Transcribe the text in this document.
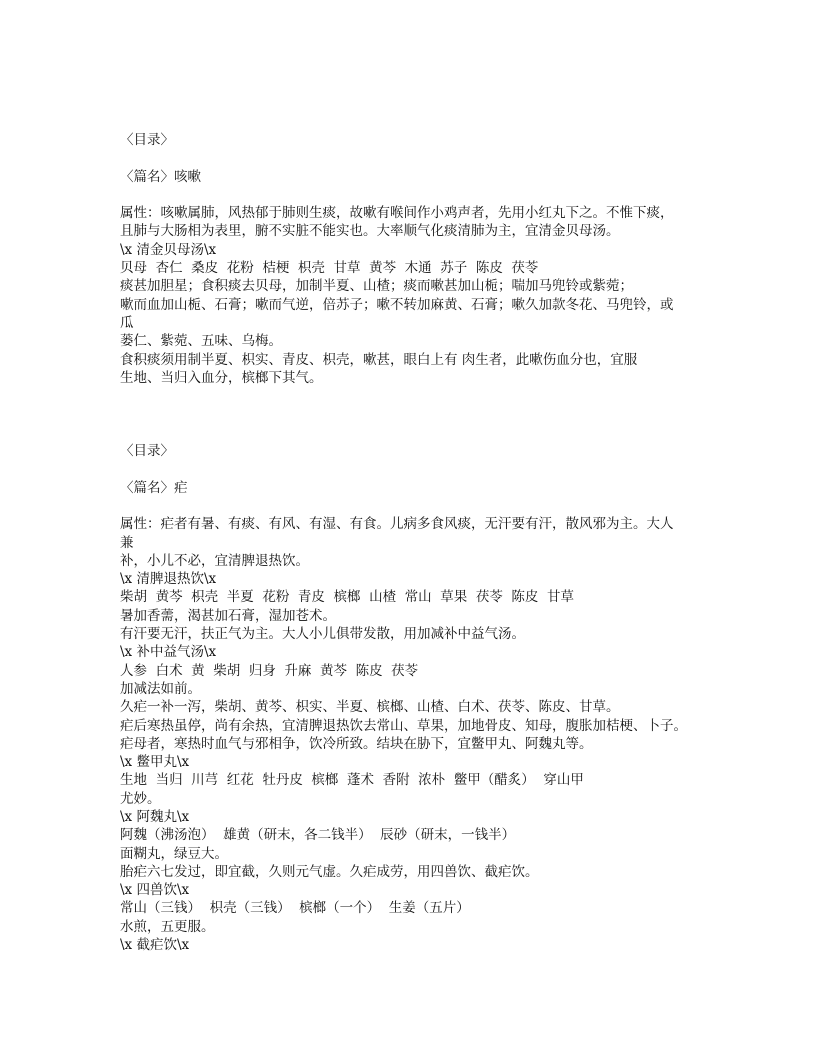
〈目录〉
〈篇名〉咳嗽
属性：咳嗽属肺，风热郁于肺则生痰，故嗽有喉间作小鸡声者，先用小红丸下之。不惟下痰，
且肺与大肠相为表里，腑不实脏不能实也。大率顺气化痰清肺为主，宜清金贝母汤。
\x 清金贝母汤\x
贝母  杏仁  桑皮  花粉  桔梗  枳壳  甘草  黄芩  木通  苏子  陈皮  茯苓
痰甚加胆星；食积痰去贝母，加制半夏、山楂；痰而嗽甚加山栀；喘加马兜铃或紫菀；
嗽而血加山栀、石膏；嗽而气逆，倍苏子；嗽不转加麻黄、石膏；嗽久加款冬花、马兜铃，或
瓜
蒌仁、紫菀、五味、乌梅。
食积痰须用制半夏、枳实、青皮、枳壳，嗽甚，眼白上有 肉生者，此嗽伤血分也，宜服
生地、当归入血分，槟榔下其气。
〈目录〉
〈篇名〉疟
属性：疟者有暑、有痰、有风、有湿、有食。儿病多食风痰，无汗要有汗，散风邪为主。大人
兼
补，小儿不必，宜清脾退热饮。
\x 清脾退热饮\x
柴胡  黄芩  枳壳  半夏  花粉  青皮  槟榔  山楂  常山  草果  茯苓  陈皮  甘草
暑加香薷，渴甚加石膏，湿加苍术。
有汗要无汗，扶正气为主。大人小儿俱带发散，用加减补中益气汤。
\x 补中益气汤\x
人参  白术  黄  柴胡  归身  升麻  黄芩  陈皮  茯苓
加减法如前。
久疟一补一泻，柴胡、黄芩、枳实、半夏、槟榔、山楂、白术、茯苓、陈皮、甘草。
疟后寒热虽停，尚有余热，宜清脾退热饮去常山、草果，加地骨皮、知母，腹胀加桔梗、卜子。
疟母者，寒热时血气与邪相争，饮冷所致。结块在胁下，宜鳖甲丸、阿魏丸等。
\x 鳖甲丸\x
生地  当归  川芎  红花  牡丹皮  槟榔  蓬术  香附  浓朴  鳖甲（醋炙）  穿山甲
尤妙。
\x 阿魏丸\x
阿魏（沸汤泡）  雄黄（研末，各二钱半）  辰砂（研末，一钱半）
面糊丸，绿豆大。
胎疟六七发过，即宜截，久则元气虚。久疟成劳，用四兽饮、截疟饮。
\x 四兽饮\x
常山（三钱）  枳壳（三钱）  槟榔（一个）  生姜（五片）
水煎，五更服。
\x 截疟饮\x
